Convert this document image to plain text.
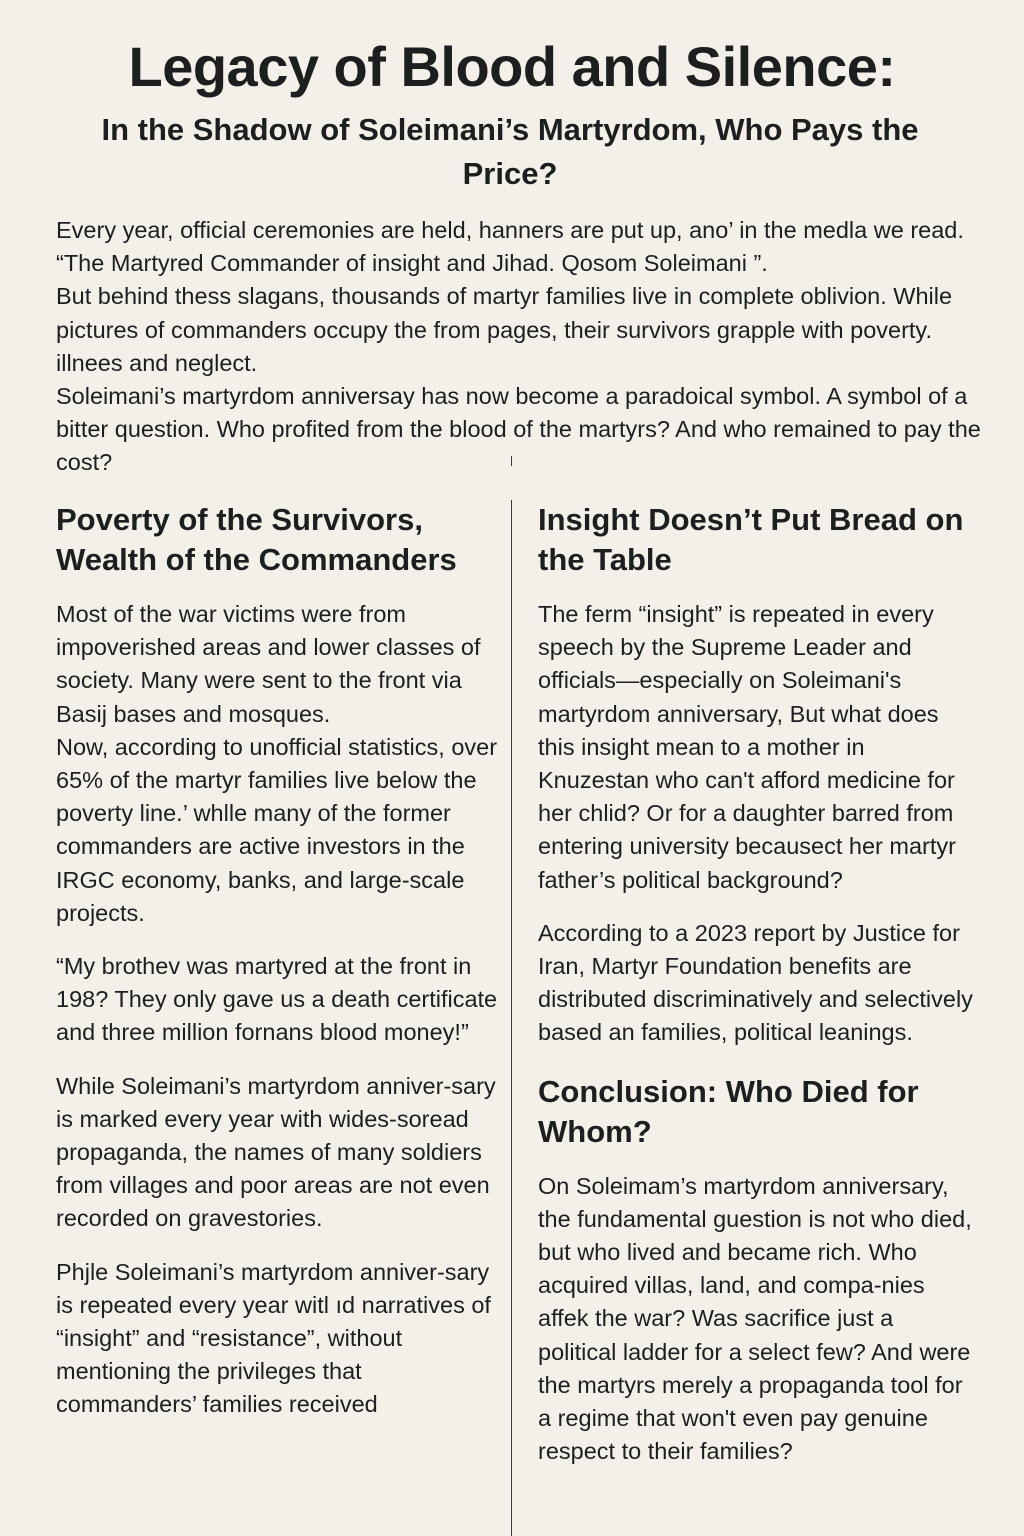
Legacy of Blood and Silence:
In the Shadow of Soleimani’s Martyrdom, Who Pays the Price?

Every year, official ceremonies are held, hanners are put up, ano’ in the medla we read. “The Martyred Commander of insight and Jihad. Qosom Soleimani ”.

But behind thess slagans, thousands of martyr families live in complete oblivion. While pictures of commanders occupy the from pages, their survivors grapple with poverty. illnees and neglect.

Soleimani’s martyrdom anniversay has now become a paradoical symbol. A symbol of a bitter question. Who profited from the blood of the martyrs? And who remained to pay the cost?

Poverty of the Survivors, Wealth of the Commanders

Most of the war victims were from impoverished areas and lower classes of society. Many were sent to the front via Basij bases and mosques.

Now, according to unofficial statistics, over 65% of the martyr families live below the poverty line.’ whlle many of the former commanders are active investors in the IRGC economy, banks, and large-scale projects.

“My brothev was martyred at the front in 198? They only gave us a death certificate and three million fornans blood money!”

While Soleimani’s martyrdom anniver-sary is marked every year with wides-soread propaganda, the names of many soldiers from villages and poor areas are not even recorded on gravestories.

Phjle Soleimani’s martyrdom anniver-sary is repeated every year witl ıd narratives of “insight” and “resistance”, without mentioning the privileges that commanders’ families received

Insight Doesn’t Put Bread on the Table

The ferm “insight” is repeated in every speech by the Supreme Leader and officials—especially on Soleimani's martyrdom anniversary, But what does this insight mean to a mother in Knuzestan who can't afford medicine for her chlid? Or for a daughter barred from entering university becausect her martyr father’s political background?

According to a 2023 report by Justice for Iran, Martyr Foundation benefits are distributed discriminatively and selectively based an families, political leanings.

Conclusion: Who Died for Whom?

On Soleimam’s martyrdom anniversary, the fundamental guestion is not who died, but who lived and became rich. Who acquired villas, land, and compa-nies affek the war? Was sacrifice just a political ladder for a select few? And were the martyrs merely a propaganda tool for a regime that won't even pay genuine respect to their families?
